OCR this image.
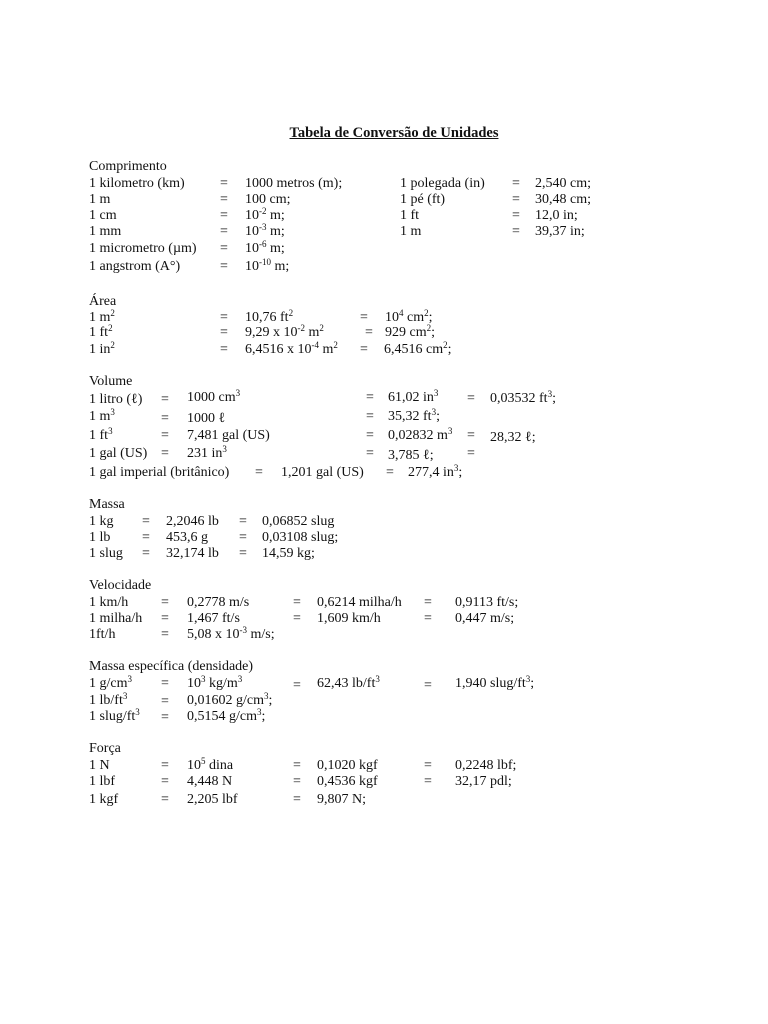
Tabela de Conversão de Unidades
Comprimento
1 kilometro (km)	= 1000 metros (m);	1 polegada (in) = 2,540 cm;
1 m	= 100 cm;	1 pé (ft)	= 30,48 cm;
1 cm	= $10^{-2}$ m;	1 ft	= 12,0 in;
1 mm	= $10^{-3}$ m;	1 m	= 39,37 in;
1 micrometro $(\mu m) = 10^{-6}$ m;
1 angstrom (A°)	= $10^{-10}$ m;
Área
1 $m^2$	= 10,76 $ft^2$	= $10^4$ $cm^2$;
1 $ft^2$	= 9,29 x $10^{-2}$ $m^2$	= 929 $cm^2$;
1 $in^2$	= 6,4516 x $10^{-4}$ $m^2 = 6,4516$ $cm^2$;
Volume
1 litro (ℓ) = 1000 $cm^3$	= 61,02 $in^3 = 0,03532$ $ft^3$;
1 $m^3$	= 1000 ℓ	= 35,32 $ft^3$;
1 $ft^3$	= 7,481 gal (US)	= 0,02832 $m^3 = 28,32$ ℓ;
1 gal (US) = 231 $in^3$	= 3,785 ℓ; =
1 gal imperial (britânico) = 1,201 gal (US) = 277,4 $in^3$;
Massa
1 kg = 2,2046 lb = 0,06852 slug
1 lb = 453,6 g = 0,03108 slug;
1 slug = 32,174 lb = 14,59 kg;
Velocidade
1 km/h = 0,2778 m/s	= 0,6214 milha/h = 0,9113 ft/s;
1 milha/h = 1,467 ft/s	= 1,609 km/h	= 0,447 m/s;
1ft/h	= 5,08 x $10^{-3}$ m/s;
Massa específica (densidade)
1 $g/cm^3 = 10^3$ $kg/m^3$	= 62,43 $lb/ft^3$	= 1,940 slug/$ft^3$;
1 $lb/ft^3 = 0,01602$ $g/cm^3$;
1 slug/$ft^3 = 0,5154$ $g/cm^3$;
Força
1 N	= $10^5$ dina	= 0,1020 kgf	= 0,2248 lbf;
1 lbf	= 4,448 N	= 0,4536 kgf	= 32,17 pdl;
1 kgf	= 2,205 lbf	= 9,807 N;
